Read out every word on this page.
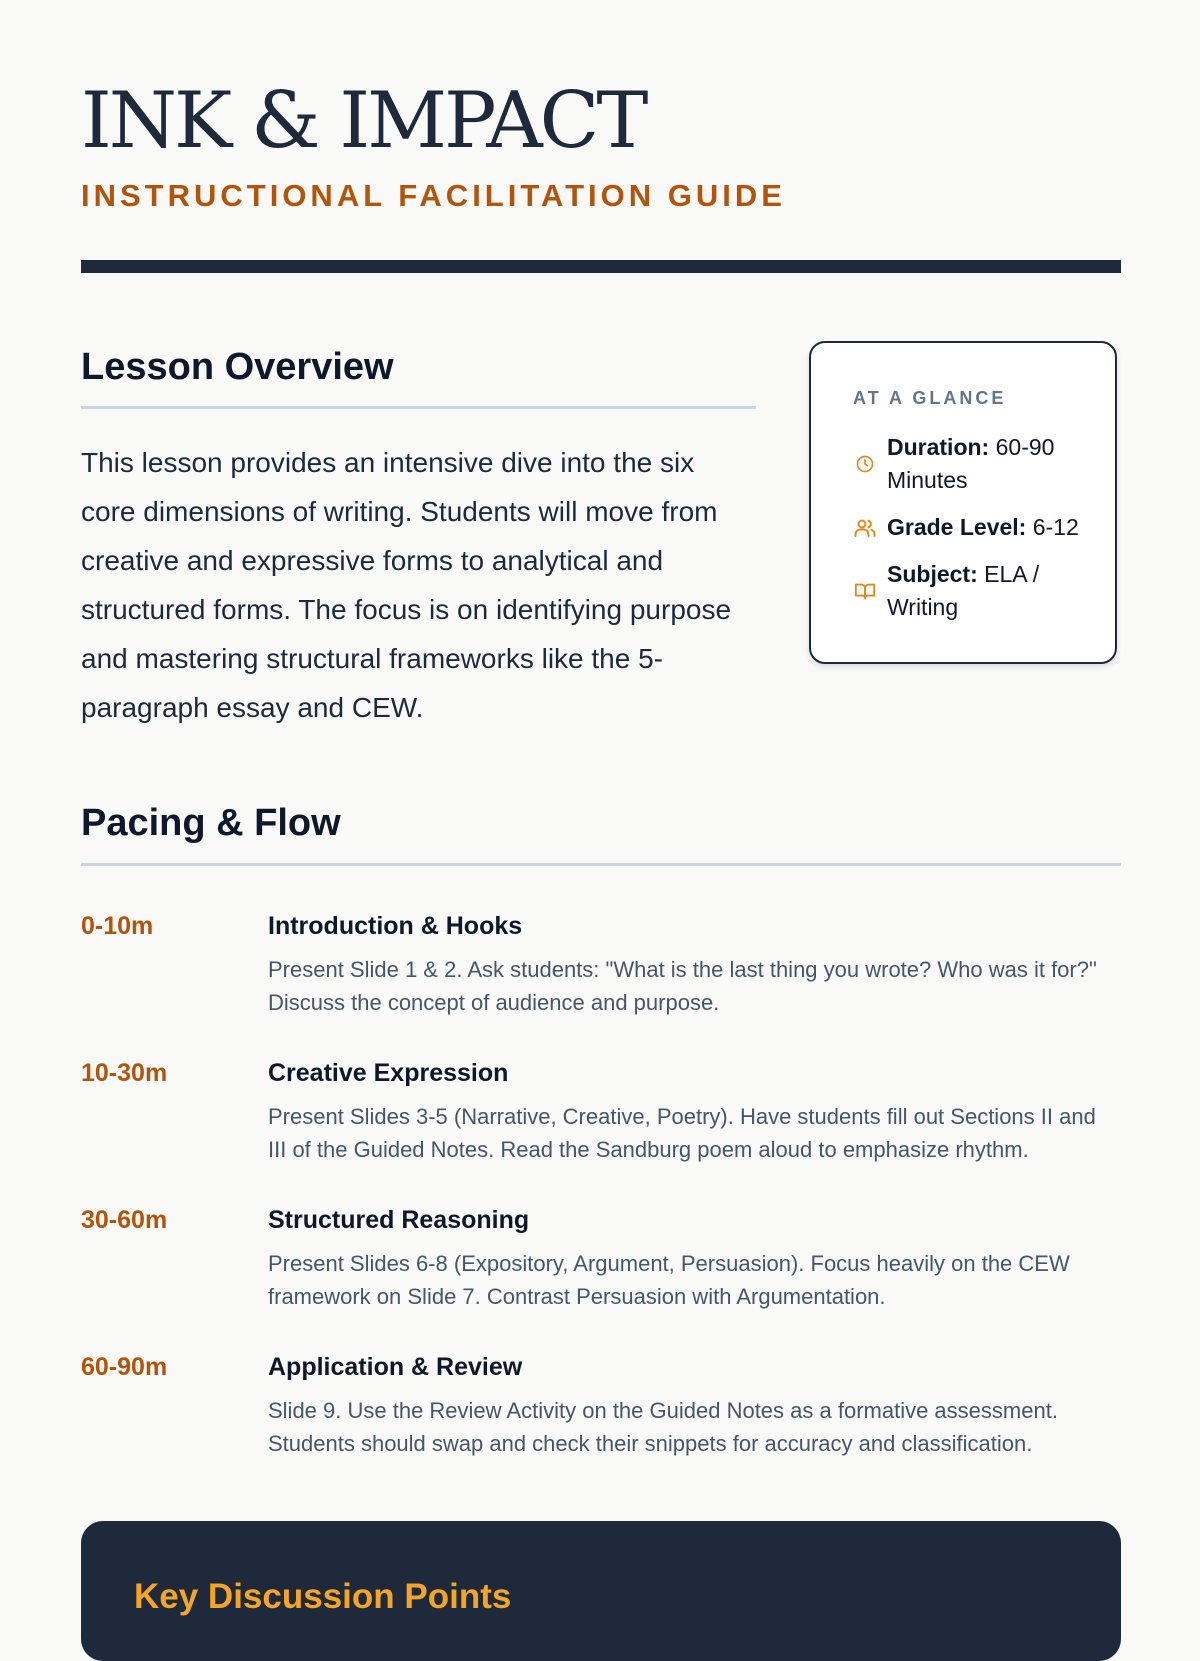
INK & IMPACT
INSTRUCTIONAL FACILITATION GUIDE
Lesson Overview

This lesson provides an intensive dive into the six core dimensions of writing. Students will move from creative and expressive forms to analytical and structured forms. The focus is on identifying purpose and mastering structural frameworks like the 5-paragraph essay and CEW.

AT A GLANCE
Duration: 60-90 Minutes
Grade Level: 6-12
Subject: ELA / Writing
Pacing & Flow
0-10m	Introduction & Hooks

Present Slide 1 & 2. Ask students: "What is the last thing you wrote? Who was it for?" Discuss the concept of audience and purpose.

10-30m	Creative Expression

Present Slides 3-5 (Narrative, Creative, Poetry). Have students fill out Sections II and III of the Guided Notes. Read the Sandburg poem aloud to emphasize rhythm.

30-60m	Structured Reasoning

Present Slides 6-8 (Expository, Argument, Persuasion). Focus heavily on the CEW framework on Slide 7. Contrast Persuasion with Argumentation.

60-90m	Application & Review

Slide 9. Use the Review Activity on the Guided Notes as a formative assessment. Students should swap and check their snippets for accuracy and classification.

Key Discussion Points
